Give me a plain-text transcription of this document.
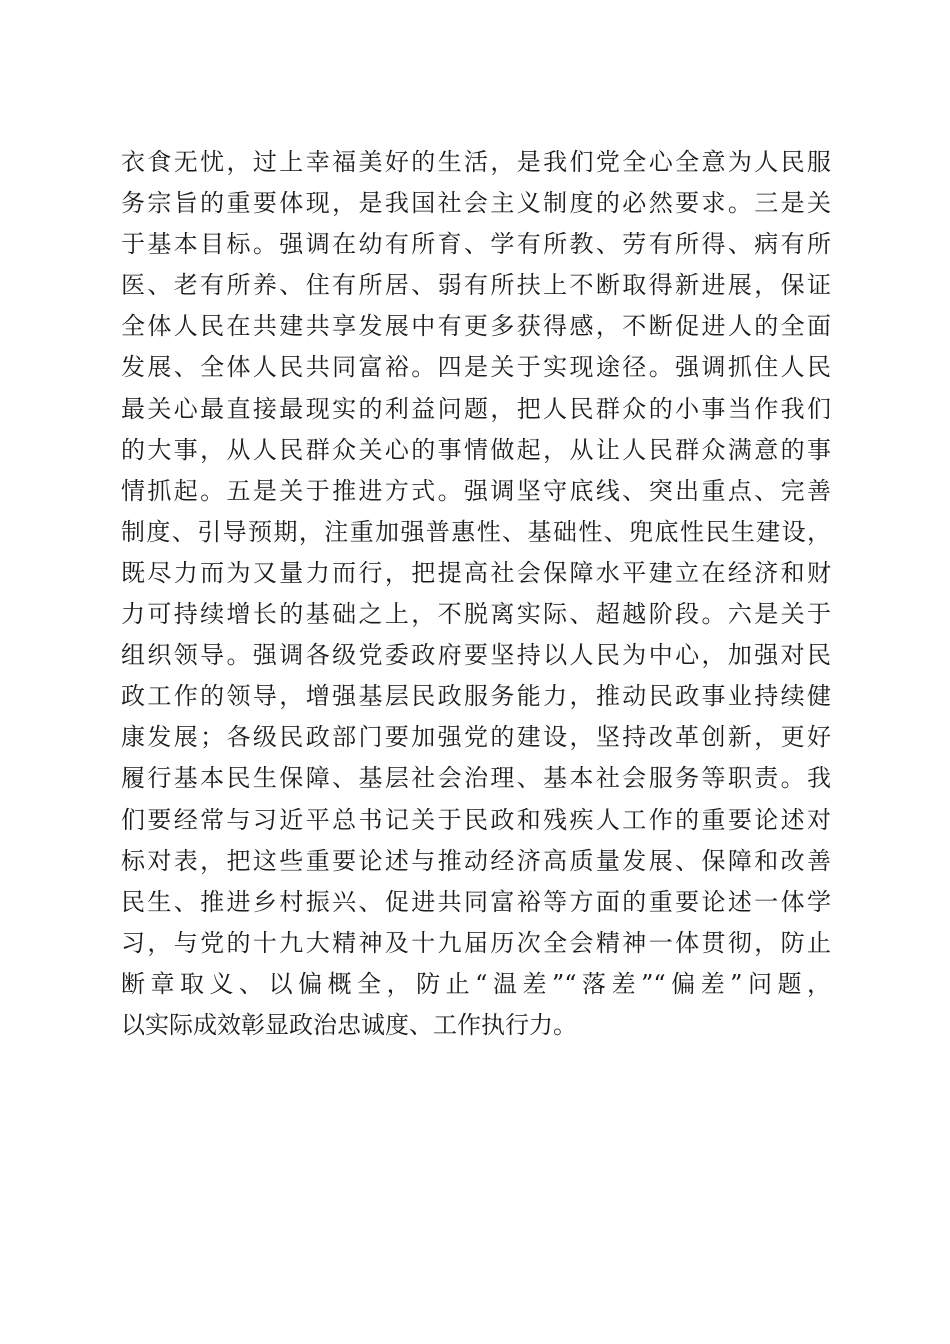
衣食无忧，过上幸福美好的生活，是我们党全心全意为人民服
务宗旨的重要体现，是我国社会主义制度的必然要求。三是关
于基本目标。强调在幼有所育、学有所教、劳有所得、病有所
医、老有所养、住有所居、弱有所扶上不断取得新进展，保证
全体人民在共建共享发展中有更多获得感，不断促进人的全面
发展、全体人民共同富裕。四是关于实现途径。强调抓住人民
最关心最直接最现实的利益问题，把人民群众的小事当作我们
的大事，从人民群众关心的事情做起，从让人民群众满意的事
情抓起。五是关于推进方式。强调坚守底线、突出重点、完善
制度、引导预期，注重加强普惠性、基础性、兜底性民生建设，
既尽力而为又量力而行，把提高社会保障水平建立在经济和财
力可持续增长的基础之上，不脱离实际、超越阶段。六是关于
组织领导。强调各级党委政府要坚持以人民为中心，加强对民
政工作的领导，增强基层民政服务能力，推动民政事业持续健
康发展；各级民政部门要加强党的建设，坚持改革创新，更好
履行基本民生保障、基层社会治理、基本社会服务等职责。我
们要经常与习近平总书记关于民政和残疾人工作的重要论述对
标对表，把这些重要论述与推动经济高质量发展、保障和改善
民生、推进乡村振兴、促进共同富裕等方面的重要论述一体学
习，与党的十九大精神及十九届历次全会精神一体贯彻，防止
断章取义、以偏概全，防止“温差”“落差”“偏差”问题，
以实际成效彰显政治忠诚度、工作执行力。
